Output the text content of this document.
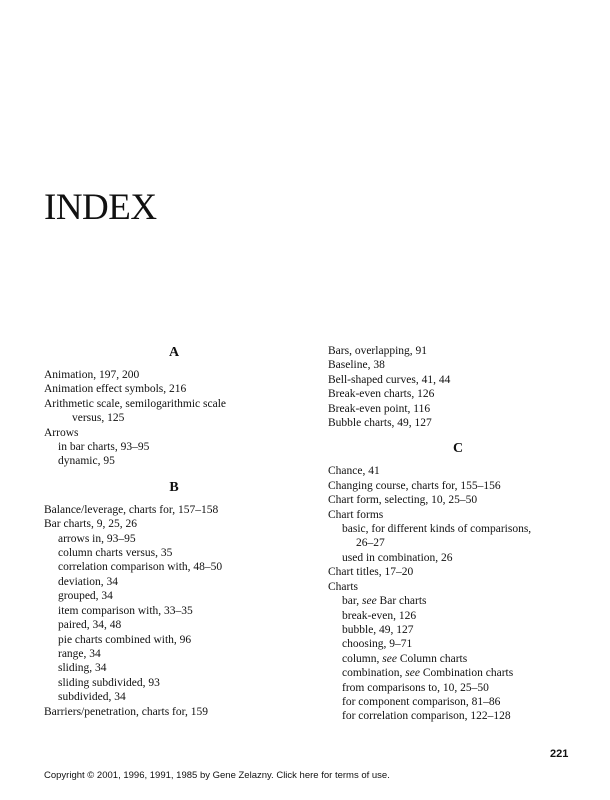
INDEX
A
Animation, 197, 200
Animation effect symbols, 216
Arithmetic scale, semilogarithmic scale
versus, 125
Arrows
in bar charts, 93–95
dynamic, 95
B
Balance/leverage, charts for, 157–158
Bar charts, 9, 25, 26
arrows in, 93–95
column charts versus, 35
correlation comparison with, 48–50
deviation, 34
grouped, 34
item comparison with, 33–35
paired, 34, 48
pie charts combined with, 96
range, 34
sliding, 34
sliding subdivided, 93
subdivided, 34
Barriers/penetration, charts for, 159
Bars, overlapping, 91
Baseline, 38
Bell-shaped curves, 41, 44
Break-even charts, 126
Break-even point, 116
Bubble charts, 49, 127
C
Chance, 41
Changing course, charts for, 155–156
Chart form, selecting, 10, 25–50
Chart forms
basic, for different kinds of comparisons,
26–27
used in combination, 26
Chart titles, 17–20
Charts
bar, see Bar charts
break-even, 126
bubble, 49, 127
choosing, 9–71
column, see Column charts
combination, see Combination charts
from comparisons to, 10, 25–50
for component comparison, 81–86
for correlation comparison, 122–128
221
Copyright © 2001, 1996, 1991, 1985 by Gene Zelazny. Click here for terms of use.
